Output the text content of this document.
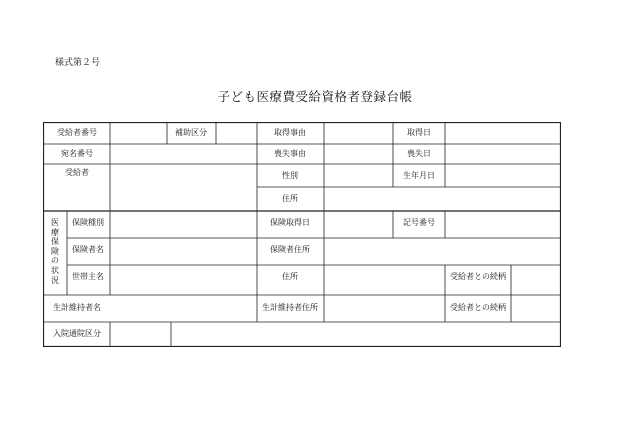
様式第２号
子ども医療費受給資格者登録台帳
受給者番号	補助区分	取得事由	取得日
宛名番号	喪失事由	喪失日
受給者	性別	生年月日
住所
医
療
保
険
の
状
況
保険種別	保険取得日	記号番号
保険者名	保険者住所
世帯主名	住所	受給者との続柄
生計維持者名	生計維持者住所	受給者との続柄
入院通院区分
